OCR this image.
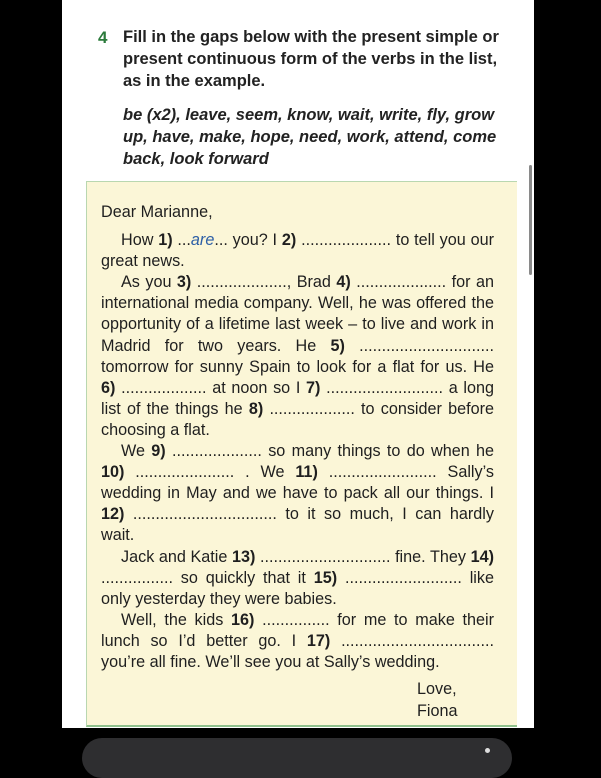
4 Fill in the gaps below with the present simple or present continuous form of the verbs in the list, as in the example.
be (x2), leave, seem, know, wait, write, fly, grow up, have, make, hope, need, work, attend, come back, look forward

Dear Marianne,

How 1) ...are... you? I 2) .................... to tell you our great news.

As you 3) ...................., Brad 4) .................... for an international media company. Well, he was offered the opportunity of a lifetime last week – to live and work in Madrid for two years. He 5) .............................. tomorrow for sunny Spain to look for a flat for us. He 6) ................... at noon so I 7) .......................... a long list of the things he 8) ................... to consider before choosing a flat.

We 9) .................... so many things to do when he 10) ...................... . We 11) ........................ Sally’s wedding in May and we have to pack all our things. I 12) ................................ to it so much, I can hardly wait.

Jack and Katie 13) ............................. fine. They 14) ................ so quickly that it 15) .......................... like only yesterday they were babies.

Well, the kids 16) ............... for me to make their lunch so I’d better go. I 17) .................................. you’re all fine. We’ll see you at Sally’s wedding.

Love,
Fiona
